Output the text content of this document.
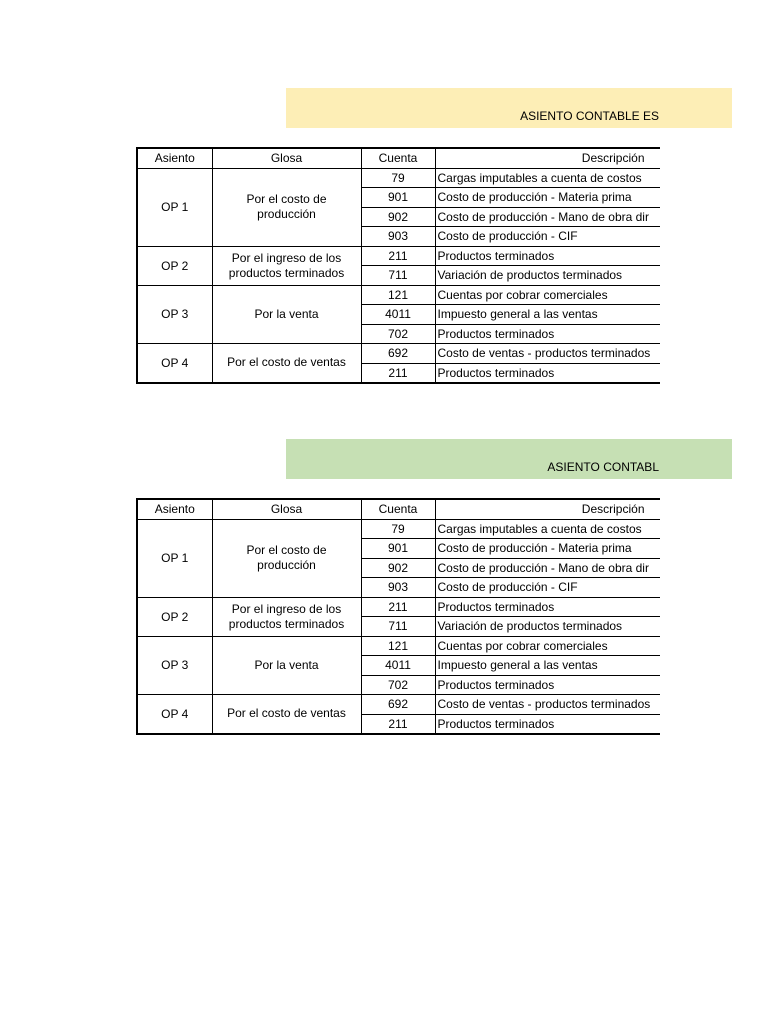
ASIENTO CONTABLE ES
Asiento	Glosa	Cuenta	Descripción
OP 1	Por el costo de producción	79	Cargas imputables a cuenta de costos
		901	Costo de producción - Materia prima
		902	Costo de producción - Mano de obra dir
		903	Costo de producción - CIF
OP 2	Por el ingreso de los productos terminados	211	Productos terminados
		711	Variación de productos terminados
OP 3	Por la venta	121	Cuentas por cobrar comerciales
		4011	Impuesto general a las ventas
		702	Productos terminados
OP 4	Por el costo de ventas	692	Costo de ventas - productos terminados
		211	Productos terminados
ASIENTO CONTABL
Asiento	Glosa	Cuenta	Descripción
OP 1	Por el costo de producción	79	Cargas imputables a cuenta de costos
		901	Costo de producción - Materia prima
		902	Costo de producción - Mano de obra dir
		903	Costo de producción - CIF
OP 2	Por el ingreso de los productos terminados	211	Productos terminados
		711	Variación de productos terminados
OP 3	Por la venta	121	Cuentas por cobrar comerciales
		4011	Impuesto general a las ventas
		702	Productos terminados
OP 4	Por el costo de ventas	692	Costo de ventas - productos terminados
		211	Productos terminados
